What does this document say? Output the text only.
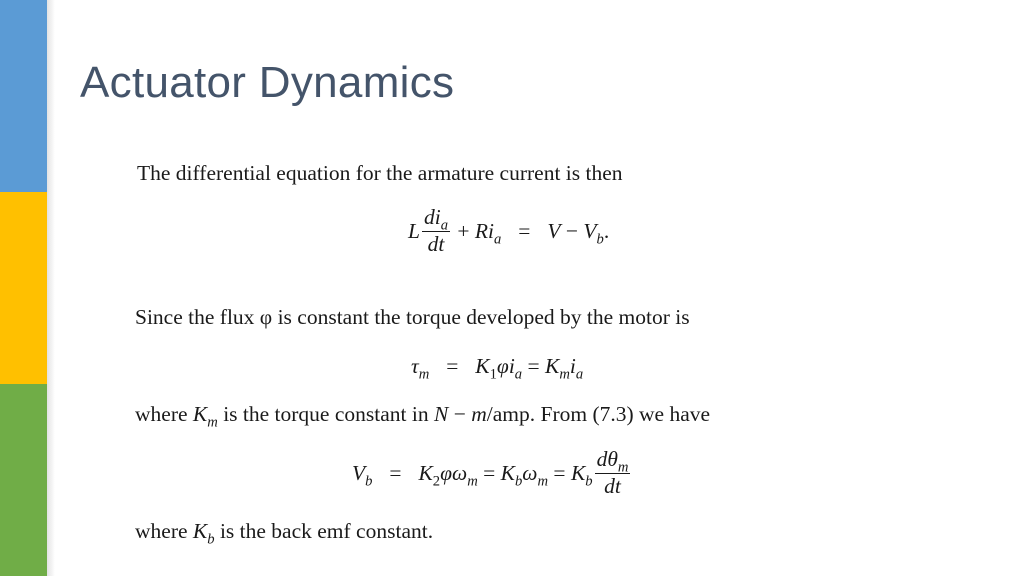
Actuator Dynamics
The differential equation for the armature current is then
L $\frac{di_a}{dt} + Ri_a = V - V_b$ .
Since the flux φ is constant the torque developed by the motor is
$\tau_m = K_1\varphi i_a = K_mi_a$
where $K_m$ is the torque constant in N − m/amp. From (7.3) we have
$V_b = K_2\varphi\omega_m = K_b\omega_m = K_b \frac{d\theta_m}{dt}$
where $K_b$ is the back emf constant.
